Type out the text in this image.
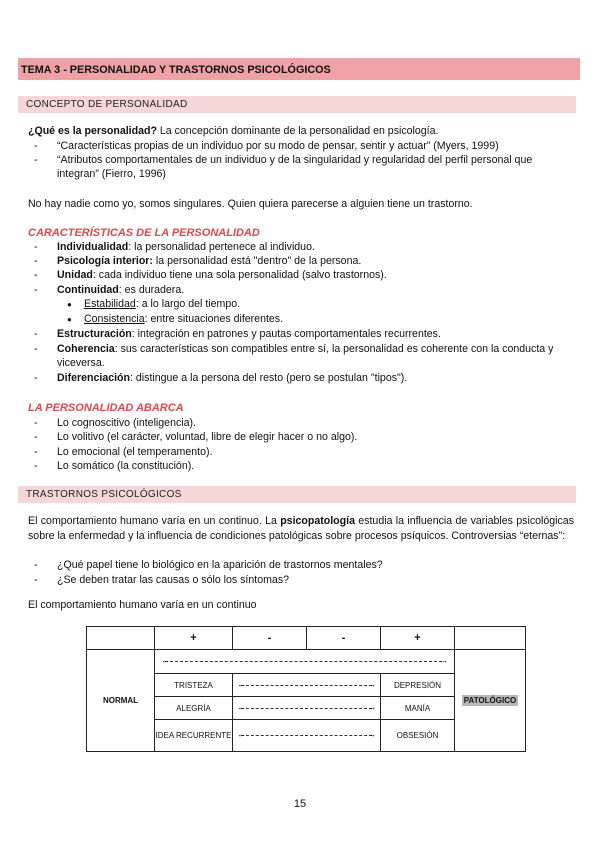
TEMA 3 - PERSONALIDAD Y TRASTORNOS PSICOLÓGICOS
CONCEPTO DE PERSONALIDAD
¿Qué es la personalidad? La concepción dominante de la personalidad en psicología.
- “Características propias de un individuo por su modo de pensar, sentir y actuar” (Myers, 1999)
- “Atributos comportamentales de un individuo y de la singularidad y regularidad del perfil personal que
integran” (Fierro, 1996)
No hay nadie como yo, somos singulares. Quien quiera parecerse a alguien tiene un trastorno.
CARACTERÍSTICAS DE LA PERSONALIDAD
- Individualidad: la personalidad pertenece al individuo.
- Psicología interior: la personalidad está "dentro" de la persona.
- Unidad: cada individuo tiene una sola personalidad (salvo trastornos).
- Continuidad: es duradera.
● Estabilidad: a lo largo del tiempo.
● Consistencia: entre situaciones diferentes.
- Estructuración: integración en patrones y pautas comportamentales recurrentes.
- Coherencia: sus características son compatibles entre sí, la personalidad es coherente con la conducta y
viceversa.
- Diferenciación: distingue a la persona del resto (pero se postulan "tipos").
LA PERSONALIDAD ABARCA
- Lo cognoscitivo (inteligencia).
- Lo volitivo (el carácter, voluntad, libre de elegir hacer o no algo).
- Lo emocional (el temperamento).
- Lo somático (la constitución).
TRASTORNOS PSICOLÓGICOS
El comportamiento humano varía en un continuo. La psicopatología estudia la influencia de variables psicológicas sobre la enfermedad y la influencia de condiciones patológicas sobre procesos psíquicos. Controversias “eternas”:
- ¿Qué papel tiene lo biológico en la aparición de trastornos mentales?
- ¿Se deben tratar las causas o sólo los síntomas?
El comportamiento humano varía en un continuo
	+	-	-	+	
NORMAL	← →				PATOLÓGICO
	TRISTEZA	← →		DEPRESIÓN	
	ALEGRÍA	← →		MANÍA	
	IDEA RECURRENTE	← →		OBSESIÓN	
15
